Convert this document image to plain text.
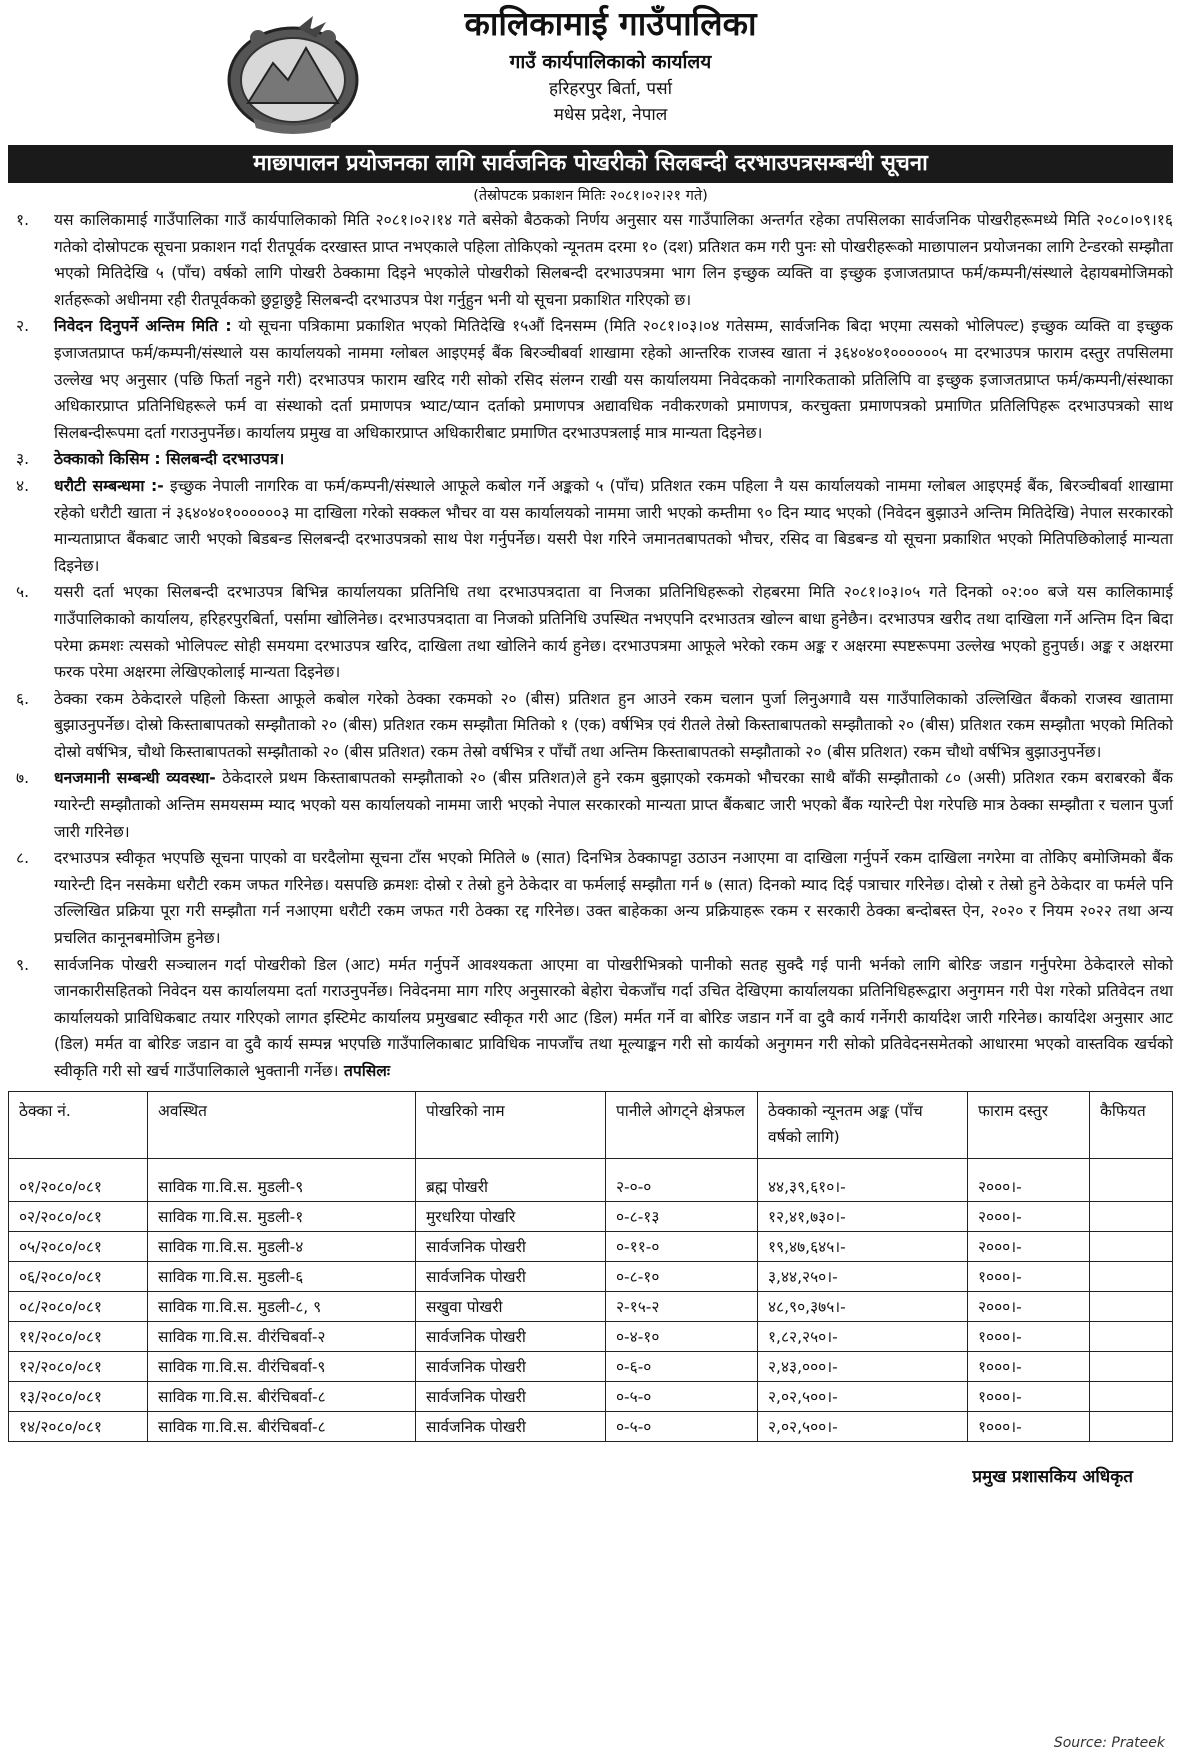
कालिकामाई गाउँपालिका
गाउँ कार्यपालिकाको कार्यालय
हरिहरपुर बिर्ता, पर्सा
मधेस प्रदेश, नेपाल
माछापालन प्रयोजनका लागि सार्वजनिक पोखरीको सिलबन्दी दरभाउपत्रसम्बन्धी सूचना
(तेस्रोपटक प्रकाशन मितिः २०८१।०२।२१ गते)
१. यस कालिकामाई गाउँपालिका गाउँ कार्यपालिकाको मिति २०८१।०२।१४ गते बसेको बैठकको निर्णय अनुसार यस गाउँपालिका अन्तर्गत रहेका तपसिलका सार्वजनिक पोखरीहरूमध्ये मिति २०८०।०९।१६ गतेको दोस्रोपटक सूचना प्रकाशन गर्दा रीतपूर्वक दरखास्त प्राप्त नभएकाले पहिला तोकिएको न्यूनतम दरमा १० (दश) प्रतिशत कम गरी पुनः सो पोखरीहरूको माछापालन प्रयोजनका लागि टेन्डरको सम्झौता भएको मितिदेखि ५ (पाँच) वर्षको लागि पोखरी ठेक्कामा दिइने भएकोले पोखरीको सिलबन्दी दरभाउपत्रमा भाग लिन इच्छुक व्यक्ति वा इच्छुक इजाजतप्राप्त फर्म/कम्पनी/संस्थाले देहायबमोजिमको शर्तहरूको अधीनमा रही रीतपूर्वकको छुट्टाछुट्टै सिलबन्दी दरभाउपत्र पेश गर्नुहुन भनी यो सूचना प्रकाशित गरिएको छ।
२. निवेदन दिनुपर्ने अन्तिम मिति : यो सूचना पत्रिकामा प्रकाशित भएको मितिदेखि १५औं दिनसम्म (मिति २०८१।०३।०४ गतेसम्म, सार्वजनिक बिदा भएमा त्यसको भोलिपल्ट) इच्छुक व्यक्ति वा इच्छुक इजाजतप्राप्त फर्म/कम्पनी/संस्थाले यस कार्यालयको नाममा ग्लोबल आइएमई बैंक बिरञ्चीबर्वा शाखामा रहेको आन्तरिक राजस्व खाता नं ३६४०४०१००००००५ मा दरभाउपत्र फाराम दस्तुर तपसिलमा उल्लेख भए अनुसार (पछि फिर्ता नहुने गरी) दरभाउपत्र फाराम खरिद गरी सोको रसिद संलग्न राखी यस कार्यालयमा निवेदकको नागरिकताको प्रतिलिपि वा इच्छुक इजाजतप्राप्त फर्म/कम्पनी/संस्थाका अधिकारप्राप्त प्रतिनिधिहरूले फर्म वा संस्थाको दर्ता प्रमाणपत्र भ्याट/प्यान दर्ताको प्रमाणपत्र अद्यावधिक नवीकरणको प्रमाणपत्र, करचुक्ता प्रमाणपत्रको प्रमाणित प्रतिलिपिहरू दरभाउपत्रको साथ सिलबन्दीरूपमा दर्ता गराउनुपर्नेछ। कार्यालय प्रमुख वा अधिकारप्राप्त अधिकारीबाट प्रमाणित दरभाउपत्रलाई मात्र मान्यता दिइनेछ।
३. ठेक्काको किसिम : सिलबन्दी दरभाउपत्र।
४. धरौटी सम्बन्धमा :- इच्छुक नेपाली नागरिक वा फर्म/कम्पनी/संस्थाले आफूले कबोल गर्ने अङ्कको ५ (पाँच) प्रतिशत रकम पहिला नै यस कार्यालयको नाममा ग्लोबल आइएमई बैंक, बिरञ्चीबर्वा शाखामा रहेको धरौटी खाता नं ३६४०४०१००००००३ मा दाखिला गरेको सक्कल भौचर वा यस कार्यालयको नाममा जारी भएको कम्तीमा ९० दिन म्याद भएको (निवेदन बुझाउने अन्तिम मितिदेखि) नेपाल सरकारको मान्यताप्राप्त बैंकबाट जारी भएको बिडबन्ड सिलबन्दी दरभाउपत्रको साथ पेश गर्नुपर्नेछ। यसरी पेश गरिने जमानतबापतको भौचर, रसिद वा बिडबन्ड यो सूचना प्रकाशित भएको मितिपछिकोलाई मान्यता दिइनेछ।
५. यसरी दर्ता भएका सिलबन्दी दरभाउपत्र बिभिन्न कार्यालयका प्रतिनिधि तथा दरभाउपत्रदाता वा निजका प्रतिनिधिहरूको रोहबरमा मिति २०८१।०३।०५ गते दिनको ०२:०० बजे यस कालिकामाई गाउँपालिकाको कार्यालय, हरिहरपुरबिर्ता, पर्सामा खोलिनेछ। दरभाउपत्रदाता वा निजको प्रतिनिधि उपस्थित नभएपनि दरभाउतत्र खोल्न बाधा हुनेछैन। दरभाउपत्र खरीद तथा दाखिला गर्ने अन्तिम दिन बिदा परेमा क्रमशः त्यसको भोलिपल्ट सोही समयमा दरभाउपत्र खरिद, दाखिला तथा खोलिने कार्य हुनेछ। दरभाउपत्रमा आफूले भरेको रकम अङ्क र अक्षरमा स्पष्टरूपमा उल्लेख भएको हुनुपर्छ। अङ्क र अक्षरमा फरक परेमा अक्षरमा लेखिएकोलाई मान्यता दिइनेछ।
६. ठेक्का रकम ठेकेदारले पहिलो किस्ता आफूले कबोल गरेको ठेक्का रकमको २० (बीस) प्रतिशत हुन आउने रकम चलान पुर्जा लिनुअगावै यस गाउँपालिकाको उल्लिखित बैंकको राजस्व खातामा बुझाउनुपर्नेछ। दोस्रो किस्ताबापतको सम्झौताको २० (बीस) प्रतिशत रकम सम्झौता मितिको १ (एक) वर्षभित्र एवं रीतले तेस्रो किस्ताबापतको सम्झौताको २० (बीस) प्रतिशत रकम सम्झौता भएको मितिको दोस्रो वर्षभित्र, चौथो किस्ताबापतको सम्झौताको २० (बीस प्रतिशत) रकम तेस्रो वर्षभित्र र पाँचौं तथा अन्तिम किस्ताबापतको सम्झौताको २० (बीस प्रतिशत) रकम चौथो वर्षभित्र बुझाउनुपर्नेछ।
७. धनजमानी सम्बन्धी व्यवस्था- ठेकेदारले प्रथम किस्ताबापतको सम्झौताको २० (बीस प्रतिशत)ले हुने रकम बुझाएको रकमको भौचरका साथै बाँकी सम्झौताको ८० (असी) प्रतिशत रकम बराबरको बैंक ग्यारेन्टी सम्झौताको अन्तिम समयसम्म म्याद भएको यस कार्यालयको नाममा जारी भएको नेपाल सरकारको मान्यता प्राप्त बैंकबाट जारी भएको बैंक ग्यारेन्टी पेश गरेपछि मात्र ठेक्का सम्झौता र चलान पुर्जा जारी गरिनेछ।
८. दरभाउपत्र स्वीकृत भएपछि सूचना पाएको वा घरदैलोमा सूचना टाँस भएको मितिले ७ (सात) दिनभित्र ठेक्कापट्टा उठाउन नआएमा वा दाखिला गर्नुपर्ने रकम दाखिला नगरेमा वा तोकिए बमोजिमको बैंक ग्यारेन्टी दिन नसकेमा धरौटी रकम जफत गरिनेछ। यसपछि क्रमशः दोस्रो र तेस्रो हुने ठेकेदार वा फर्मलाई सम्झौता गर्न ७ (सात) दिनको म्याद दिई पत्राचार गरिनेछ। दोस्रो र तेस्रो हुने ठेकेदार वा फर्मले पनि उल्लिखित प्रक्रिया पूरा गरी सम्झौता गर्न नआएमा धरौटी रकम जफत गरी ठेक्का रद्द गरिनेछ। उक्त बाहेकका अन्य प्रक्रियाहरू रकम र सरकारी ठेक्का बन्दोबस्त ऐन, २०२० र नियम २०२२ तथा अन्य प्रचलित कानूनबमोजिम हुनेछ।
९. सार्वजनिक पोखरी सञ्चालन गर्दा पोखरीको डिल (आट) मर्मत गर्नुपर्ने आवश्यकता आएमा वा पोखरीभित्रको पानीको सतह सुक्दै गई पानी भर्नको लागि बोरिङ जडान गर्नुपरेमा ठेकेदारले सोको जानकारीसहितको निवेदन यस कार्यालयमा दर्ता गराउनुपर्नेछ। निवेदनमा माग गरिए अनुसारको बेहोरा चेकजाँच गर्दा उचित देखिएमा कार्यालयका प्रतिनिधिहरूद्वारा अनुगमन गरी पेश गरेको प्रतिवेदन तथा कार्यालयको प्राविधिकबाट तयार गरिएको लागत इस्टिमेट कार्यालय प्रमुखबाट स्वीकृत गरी आट (डिल) मर्मत गर्ने वा बोरिङ जडान गर्ने वा दुवै कार्य गर्नेगरी कार्यादेश जारी गरिनेछ। कार्यादेश अनुसार आट (डिल) मर्मत वा बोरिङ जडान वा दुवै कार्य सम्पन्न भएपछि गाउँपालिकाबाट प्राविधिक नापजाँच तथा मूल्याङ्कन गरी सो कार्यको अनुगमन गरी सोको प्रतिवेदनसमेतको आधारमा भएको वास्तविक खर्चको स्वीकृति गरी सो खर्च गाउँपालिकाले भुक्तानी गर्नेछ। तपसिलः
ठेक्का नं.	अवस्थित	पोखरिको नाम	पानीले ओगट्ने क्षेत्रफल	ठेक्काको न्यूनतम अङ्क (पाँच वर्षको लागि)	फाराम दस्तुर	कैफियत
०१/२०८०/०८१	साविक गा.वि.स. मुडली-९	ब्रह्म पोखरी	२-०-०	४४,३९,६१०।-	२०००।-	
०२/२०८०/०८१	साविक गा.वि.स. मुडली-१	मुरधरिया पोखरि	०-८-१३	१२,४१,७३०।-	२०००।-	
०५/२०८०/०८१	साविक गा.वि.स. मुडली-४	सार्वजनिक पोखरी	०-११-०	१९,४७,६४५।-	२०००।-	
०६/२०८०/०८१	साविक गा.वि.स. मुडली-६	सार्वजनिक पोखरी	०-८-१०	३,४४,२५०।-	१०००।-	
०८/२०८०/०८१	साविक गा.वि.स. मुडली-८, ९	सखुवा पोखरी	२-१५-२	४८,९०,३७५।-	२०००।-	
११/२०८०/०८१	साविक गा.वि.स. वीरंचिबर्वा-२	सार्वजनिक पोखरी	०-४-१०	१,८२,२५०।-	१०००।-	
१२/२०८०/०८१	साविक गा.वि.स. वीरंचिबर्वा-९	सार्वजनिक पोखरी	०-६-०	२,४३,०००।-	१०००।-	
१३/२०८०/०८१	साविक गा.वि.स. बीरंचिबर्वा-८	सार्वजनिक पोखरी	०-५-०	२,०२,५००।-	१०००।-	
१४/२०८०/०८१	साविक गा.वि.स. बीरंचिबर्वा-८	सार्वजनिक पोखरी	०-५-०	२,०२,५००।-	१०००।-	
प्रमुख प्रशासकिय अधिकृत
Source: Prateek
